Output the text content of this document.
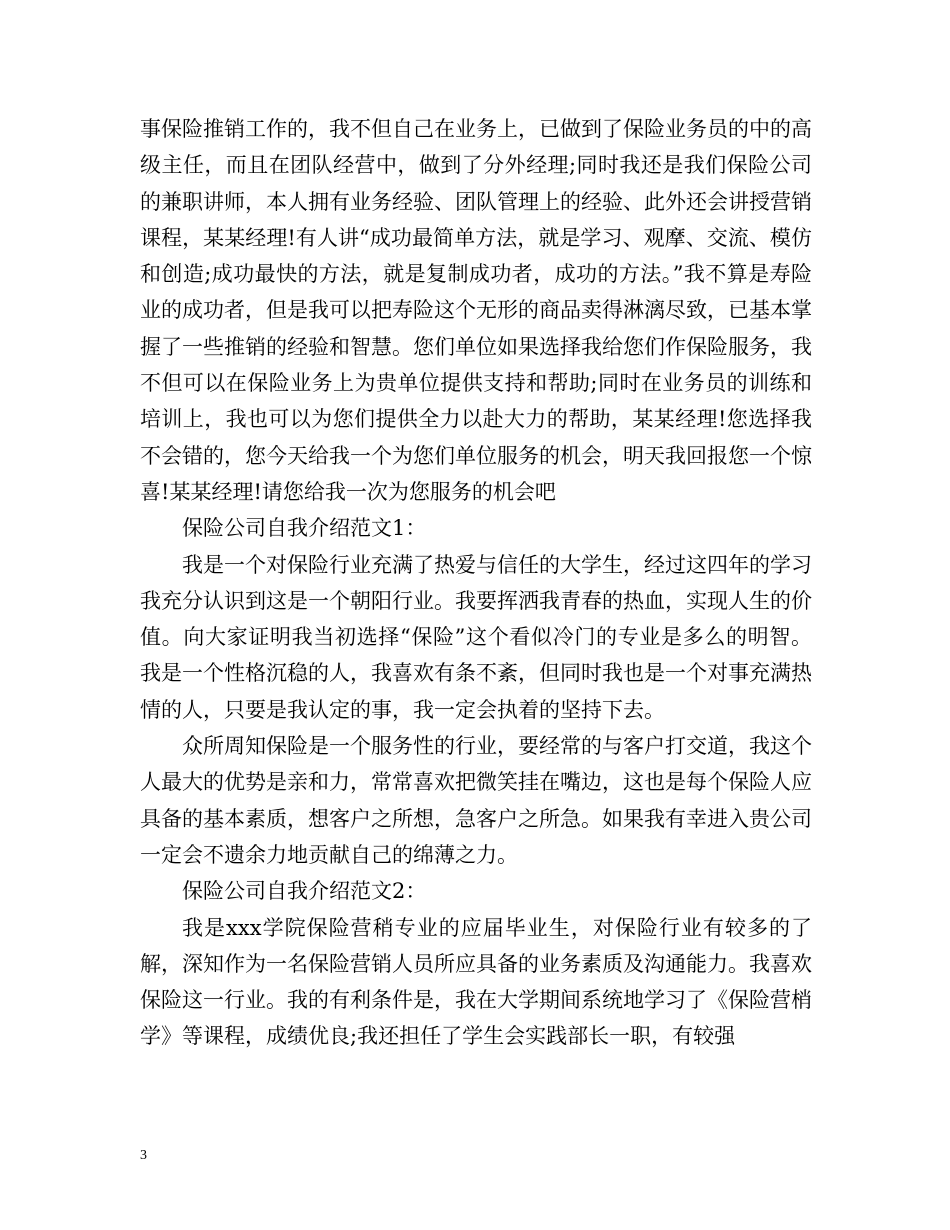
事保险推销工作的，我不但自己在业务上，已做到了保险业务员的中的高级主任，而且在团队经营中，做到了分外经理;同时我还是我们保险公司的兼职讲师，本人拥有业务经验、团队管理上的经验、此外还会讲授营销课程，某某经理!有人讲“成功最简单方法，就是学习、观摩、交流、模仿和创造;成功最快的方法，就是复制成功者，成功的方法。”我不算是寿险业的成功者，但是我可以把寿险这个无形的商品卖得淋漓尽致，已基本掌握了一些推销的经验和智慧。您们单位如果选择我给您们作保险服务，我不但可以在保险业务上为贵单位提供支持和帮助;同时在业务员的训练和培训上，我也可以为您们提供全力以赴大力的帮助，某某经理!您选择我不会错的，您今天给我一个为您们单位服务的机会，明天我回报您一个惊喜!某某经理!请您给我一次为您服务的机会吧

保险公司自我介绍范文1：

我是一个对保险行业充满了热爱与信任的大学生，经过这四年的学习我充分认识到这是一个朝阳行业。我要挥洒我青春的热血，实现人生的价值。向大家证明我当初选择“保险”这个看似冷门的专业是多么的明智。我是一个性格沉稳的人，我喜欢有条不紊，但同时我也是一个对事充满热情的人，只要是我认定的事，我一定会执着的坚持下去。

众所周知保险是一个服务性的行业，要经常的与客户打交道，我这个人最大的优势是亲和力，常常喜欢把微笑挂在嘴边，这也是每个保险人应具备的基本素质，想客户之所想，急客户之所急。如果我有幸进入贵公司一定会不遗余力地贡献自己的绵薄之力。

保险公司自我介绍范文2：

我是xxx学院保险营稍专业的应届毕业生，对保险行业有较多的了解，深知作为一名保险营销人员所应具备的业务素质及沟通能力。我喜欢保险这一行业。我的有利条件是，我在大学期间系统地学习了《保险营梢学》等课程，成绩优良;我还担任了学生会实践部长一职，有较强

3
